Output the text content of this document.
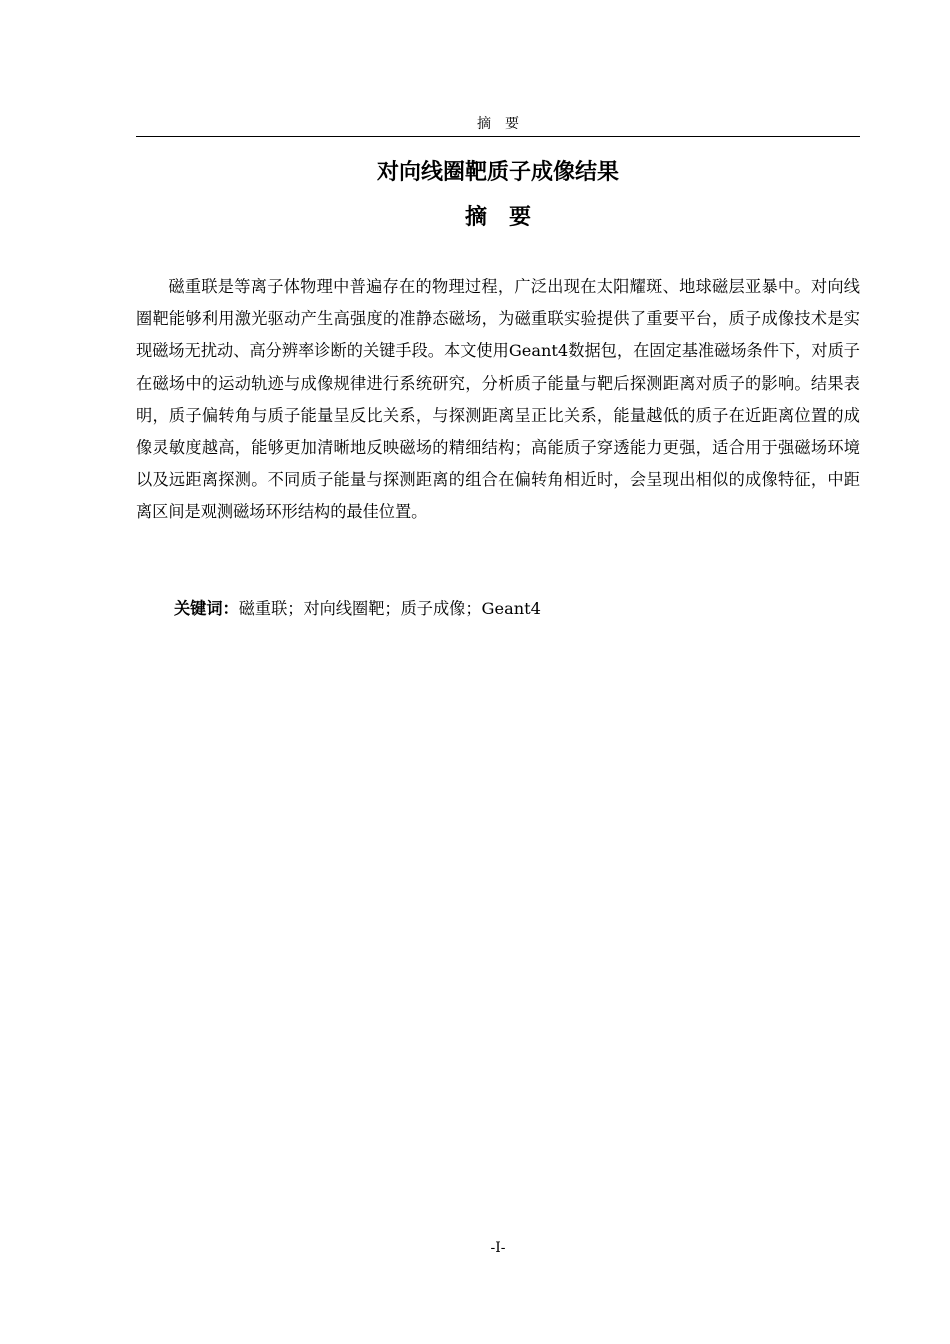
摘要
对向线圈靶质子成像结果
摘要

磁重联是等离子体物理中普遍存在的物理过程，广泛出现在太阳耀斑、地球磁层亚暴中。对向线圈靶能够利用激光驱动产生高强度的准静态磁场，为磁重联实验提供了重要平台，质子成像技术是实现磁场无扰动、高分辨率诊断的关键手段。本文使用Geant4数据包，在固定基准磁场条件下，对质子在磁场中的运动轨迹与成像规律进行系统研究，分析质子能量与靶后探测距离对质子的影响。结果表明，质子偏转角与质子能量呈反比关系，与探测距离呈正比关系，能量越低的质子在近距离位置的成像灵敏度越高，能够更加清晰地反映磁场的精细结构；高能质子穿透能力更强，适合用于强磁场环境以及远距离探测。不同质子能量与探测距离的组合在偏转角相近时，会呈现出相似的成像特征，中距离区间是观测磁场环形结构的最佳位置。

关键词：磁重联；对向线圈靶；质子成像；Geant4

-I-
